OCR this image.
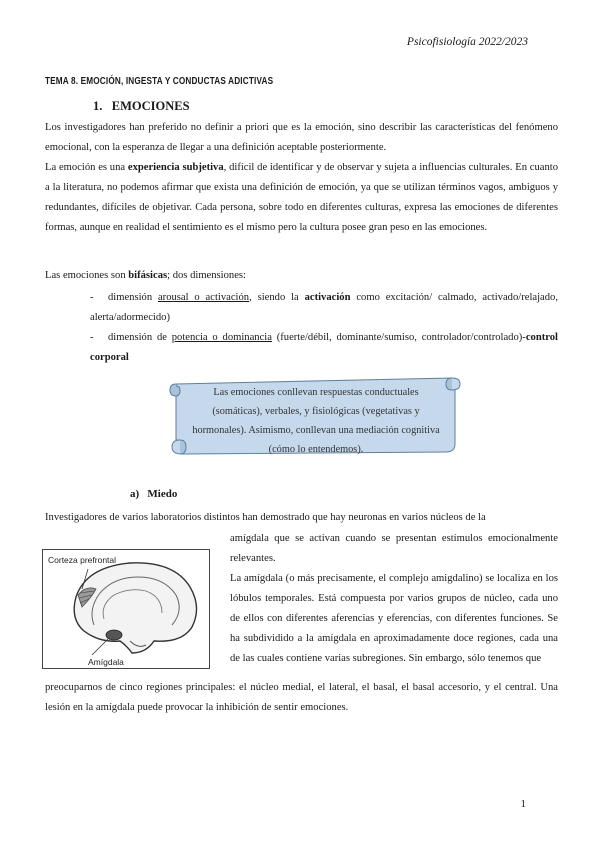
Psicofisiología 2022/2023
TEMA 8. EMOCIÓN, INGESTA Y CONDUCTAS ADICTIVAS
1. EMOCIONES
Los investigadores han preferido no definir a priori que es la emoción, sino describir las características del fenómeno emocional, con la esperanza de llegar a una definición aceptable posteriormente.
La emoción es una experiencia subjetiva, difícil de identificar y de observar y sujeta a influencias culturales. En cuanto a la literatura, no podemos afirmar que exista una definición de emoción, ya que se utilizan términos vagos, ambiguos y redundantes, difíciles de objetivar. Cada persona, sobre todo en diferentes culturas, expresa las emociones de diferentes formas, aunque en realidad el sentimiento es el mismo pero la cultura posee gran peso en las emociones.
Las emociones son bifásicas; dos dimensiones:
- dimensión arousal o activación, siendo la activación como excitación/ calmado, activado/relajado, alerta/adormecido)
- dimensión de potencia o dominancia (fuerte/débil, dominante/sumiso, controlador/controlado)-control corporal
Las emociones conllevan respuestas conductuales (somáticas), verbales, y fisiológicas (vegetativas y hormonales). Asimismo, conllevan una mediación cognitiva (cómo lo entendemos).
a) Miedo
Investigadores de varios laboratorios distintos han demostrado que hay neuronas en varios núcleos de la
Corteza prefrontal
Amígdala
amígdala que se activan cuando se presentan estímulos emocionalmente relevantes.
La amígdala (o más precisamente, el complejo amigdalino) se localiza en los lóbulos temporales. Está compuesta por varios grupos de núcleo, cada uno de ellos con diferentes aferencias y eferencias, con diferentes funciones. Se ha subdividido a la amígdala en aproximadamente doce regiones, cada una de las cuales contiene varias subregiones. Sin embargo, sólo tenemos que
preocuparnos de cinco regiones principales: el núcleo medial, el lateral, el basal, el basal accesorio, y el central. Una lesión en la amígdala puede provocar la inhibición de sentir emociones.
1
